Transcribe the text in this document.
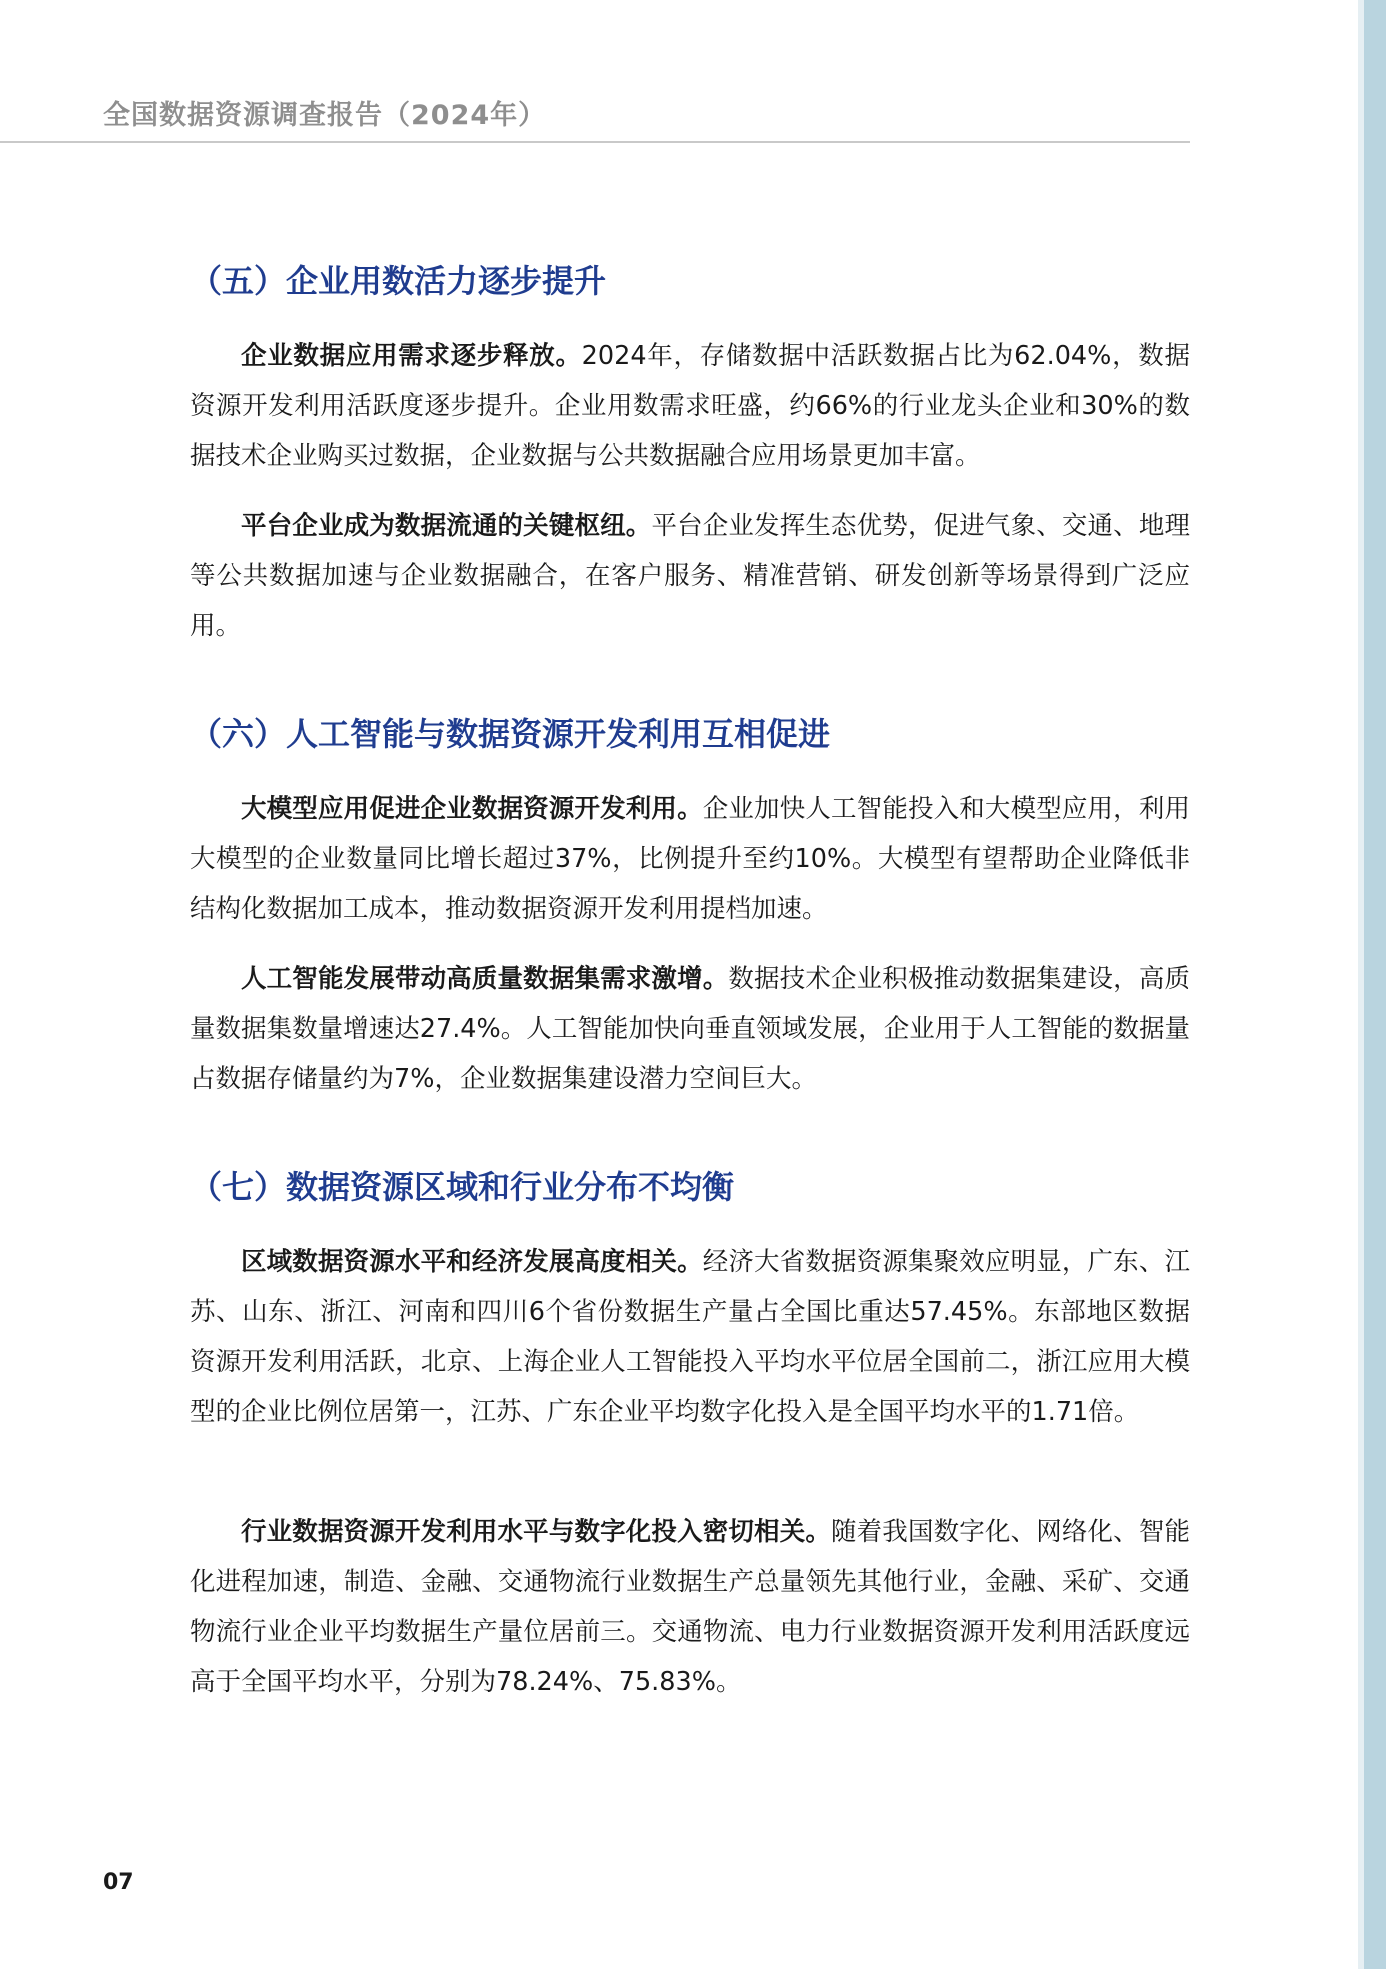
全国数据资源调查报告（2024年）
（五）企业用数活力逐步提升

企业数据应用需求逐步释放。2024年，存储数据中活跃数据占比为62.04%，数据资源开发利用活跃度逐步提升。企业用数需求旺盛，约66%的行业龙头企业和30%的数据技术企业购买过数据，企业数据与公共数据融合应用场景更加丰富。

平台企业成为数据流通的关键枢纽。平台企业发挥生态优势，促进气象、交通、地理等公共数据加速与企业数据融合，在客户服务、精准营销、研发创新等场景得到广泛应用。

（六）人工智能与数据资源开发利用互相促进

大模型应用促进企业数据资源开发利用。企业加快人工智能投入和大模型应用，利用大模型的企业数量同比增长超过37%，比例提升至约10%。大模型有望帮助企业降低非结构化数据加工成本，推动数据资源开发利用提档加速。

人工智能发展带动高质量数据集需求激增。数据技术企业积极推动数据集建设，高质量数据集数量增速达27.4%。人工智能加快向垂直领域发展，企业用于人工智能的数据量占数据存储量约为7%，企业数据集建设潜力空间巨大。

（七）数据资源区域和行业分布不均衡

区域数据资源水平和经济发展高度相关。经济大省数据资源集聚效应明显，广东、江苏、山东、浙江、河南和四川6个省份数据生产量占全国比重达57.45%。东部地区数据资源开发利用活跃，北京、上海企业人工智能投入平均水平位居全国前二，浙江应用大模型的企业比例位居第一，江苏、广东企业平均数字化投入是全国平均水平的1.71倍。

行业数据资源开发利用水平与数字化投入密切相关。随着我国数字化、网络化、智能化进程加速，制造、金融、交通物流行业数据生产总量领先其他行业，金融、采矿、交通物流行业企业平均数据生产量位居前三。交通物流、电力行业数据资源开发利用活跃度远高于全国平均水平，分别为78.24%、75.83%。

07
